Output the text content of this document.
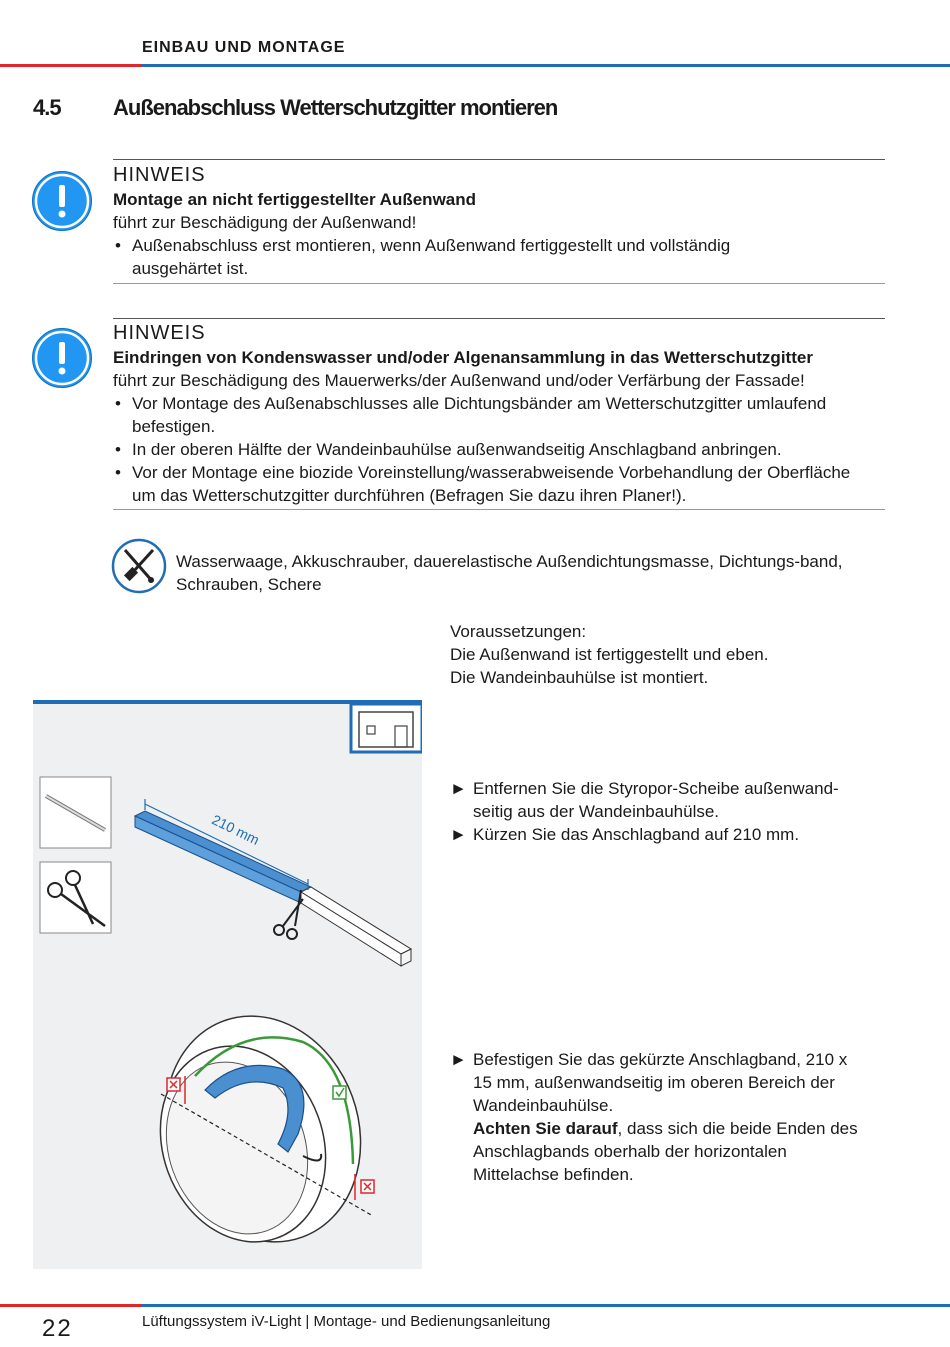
EINBAU UND MONTAGE
4.5 Außenabschluss Wetterschutzgitter montieren
HINWEIS
Montage an nicht fertiggestellter Außenwand
führt zur Beschädigung der Außenwand!
• Außenabschluss erst montieren, wenn Außenwand fertiggestellt und vollständig ausgehärtet ist.
HINWEIS
Eindringen von Kondenswasser und/oder Algenansammlung in das Wetterschutzgitter
führt zur Beschädigung des Mauerwerks/der Außenwand und/oder Verfärbung der Fassade!
• Vor Montage des Außenabschlusses alle Dichtungsbänder am Wetterschutzgitter umlaufend befestigen.
• In der oberen Hälfte der Wandeinbauhülse außenwandseitig Anschlagband anbringen.
• Vor der Montage eine biozide Voreinstellung/wasserabweisende Vorbehandlung der Oberfläche um das Wetterschutzgitter durchführen (Befragen Sie dazu ihren Planer!).
Wasserwaage, Akkuschrauber, dauerelastische Außendichtungsmasse, Dichtungs-band, Schrauben, Schere
Voraussetzungen:
Die Außenwand ist fertiggestellt und eben.
Die Wandeinbauhülse ist montiert.
210 mm
► Entfernen Sie die Styropor-Scheibe außenwand-seitig aus der Wandeinbauhülse.
► Kürzen Sie das Anschlagband auf 210 mm.
► Befestigen Sie das gekürzte Anschlagband, 210 x 15 mm, außenwandseitig im oberen Bereich der Wandeinbauhülse.
Achten Sie darauf, dass sich die beide Enden des Anschlagbands oberhalb der horizontalen Mittelachse befinden.
22	Lüftungssystem iV-Light | Montage- und Bedienungsanleitung
